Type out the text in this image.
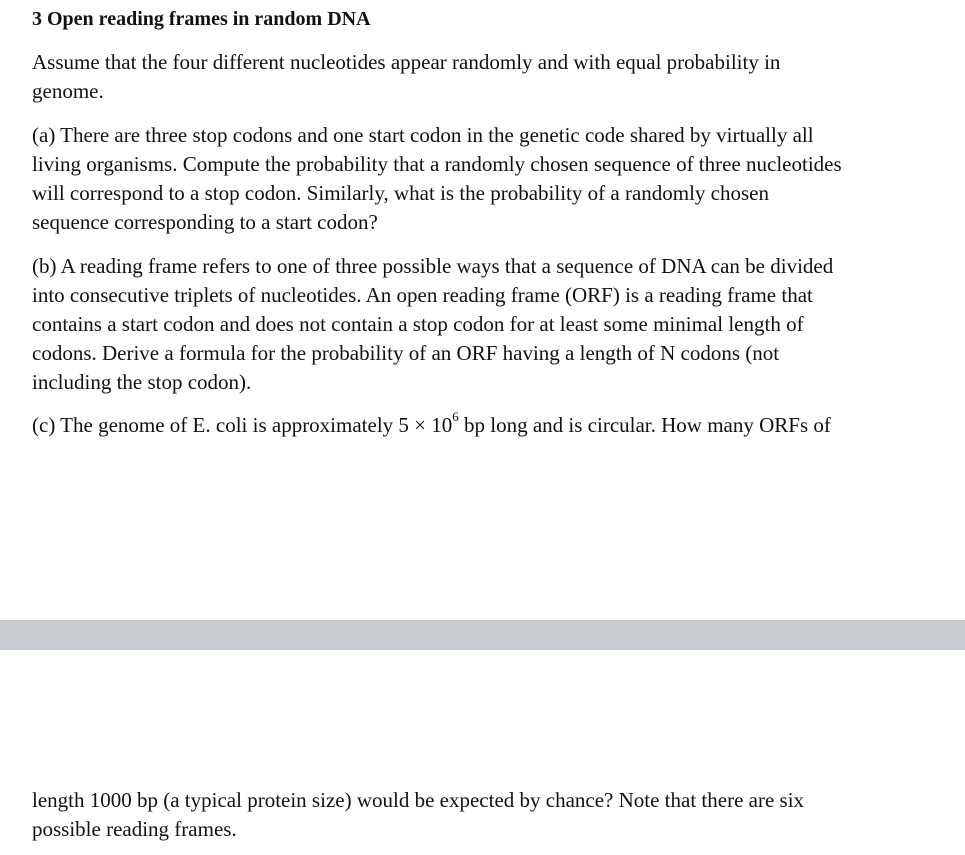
3 Open reading frames in random DNA

Assume that the four different nucleotides appear randomly and with equal probability in
genome.

(a) There are three stop codons and one start codon in the genetic code shared by virtually all
living organisms. Compute the probability that a randomly chosen sequence of three nucleotides
will correspond to a stop codon. Similarly, what is the probability of a randomly chosen
sequence corresponding to a start codon?

(b) A reading frame refers to one of three possible ways that a sequence of DNA can be divided
into consecutive triplets of nucleotides. An open reading frame (ORF) is a reading frame that
contains a start codon and does not contain a stop codon for at least some minimal length of
codons. Derive a formula for the probability of an ORF having a length of N codons (not
including the stop codon).

(c) The genome of E. coli is approximately $5 \times 10^6$ bp long and is circular. How many ORFs of

length 1000 bp (a typical protein size) would be expected by chance? Note that there are six
possible reading frames.
